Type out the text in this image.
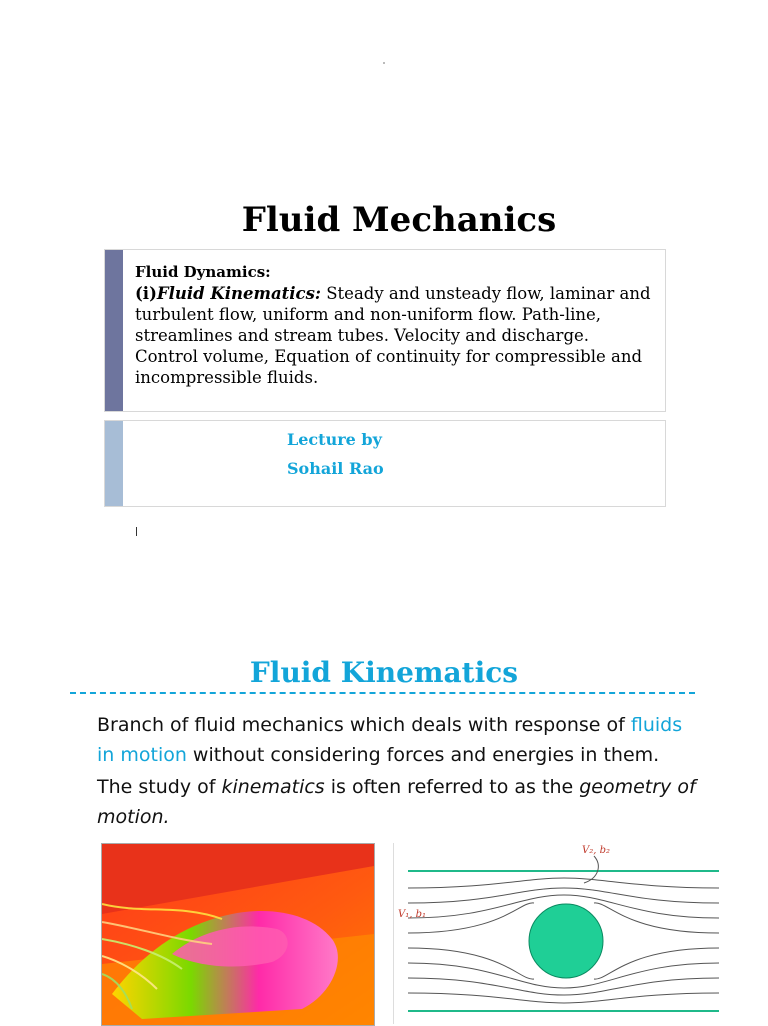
Fluid Mechanics
Fluid Dynamics:
(i)Fluid Kinematics: Steady and unsteady flow, laminar and turbulent flow, uniform and non-uniform flow. Path-line, streamlines and stream tubes. Velocity and discharge. Control volume, Equation of continuity for compressible and incompressible fluids.
Lecture by
Sohail Rao
Fluid Kinematics
Branch of fluid mechanics which deals with response of fluids in motion without considering forces and energies in them.
The study of kinematics is often referred to as the geometry of motion.
V₂, b₂
V₁, b₁
